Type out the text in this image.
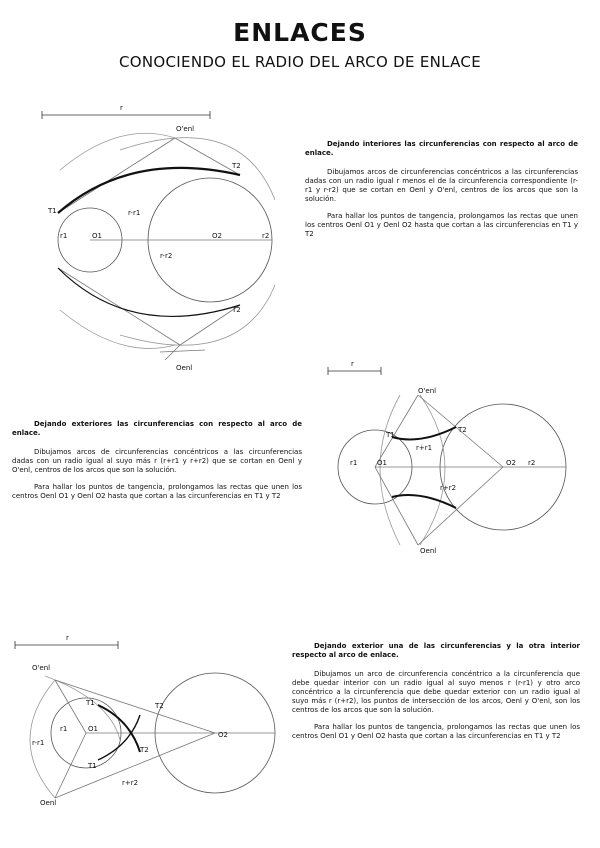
ENLACES
CONOCIENDO EL RADIO DEL ARCO DE ENLACE

Dejando interiores las circunferencias con respecto al arco de enlace.

Dibujamos arcos de circunferencias concéntricos a las circunferencias dadas con un radio igual r menos el de la circunferencia correspondiente (r-r1 y r-r2) que se cortan en Oenl y O'enl, centros de los arcos que son la solución.

Para hallar los puntos de tangencia, prolongamos las rectas que unen los centros Oenl O1 y Oenl O2 hasta que cortan a las circunferencias en T1 y T2

Dejando exteriores las circunferencias con respecto al arco de enlace.

Dibujamos arcos de circunferencias concéntricos a las circunferencias dadas con un radio igual al suyo más r (r+r1 y r+r2) que se cortan en Oenl y O'enl, centros de los arcos que son la solución.

Para hallar los puntos de tangencia, prolongamos las rectas que unen los centros Oenl O1 y Oenl O2 hasta que cortan a las circunferencias en T1 y T2

Dejando exterior una de las circunferencias y la otra interior respecto al arco de enlace.

Dibujamos un arco de circunferencia concéntrico a la circunferencia que debe quedar interior con un radio igual al suyo menos r (r-r1) y otro arco concéntrico a la circunferencia que debe quedar exterior con un radio igual al suyo más r (r+r2), los puntos de intersección de los arcos, Oenl y O'enl, son los centros de los arcos que son la solución.

Para hallar los puntos de tangencia, prolongamos las rectas que unen los centros Oenl O1 y Oenl O2 hasta que cortan a las circunferencias en T1 y T2

r
O'enl
T1
T2
O1	O2
r1	r2
r-r1
r-r2
T2
Oenl	r
O'enl
T2
T1
O1	O2
r1	r2
r+r1
r+r2
Oenl
r
O'enl
T1	T2
O1
O2
r1
r-r1
r+r2
T1
T2
Oenl
